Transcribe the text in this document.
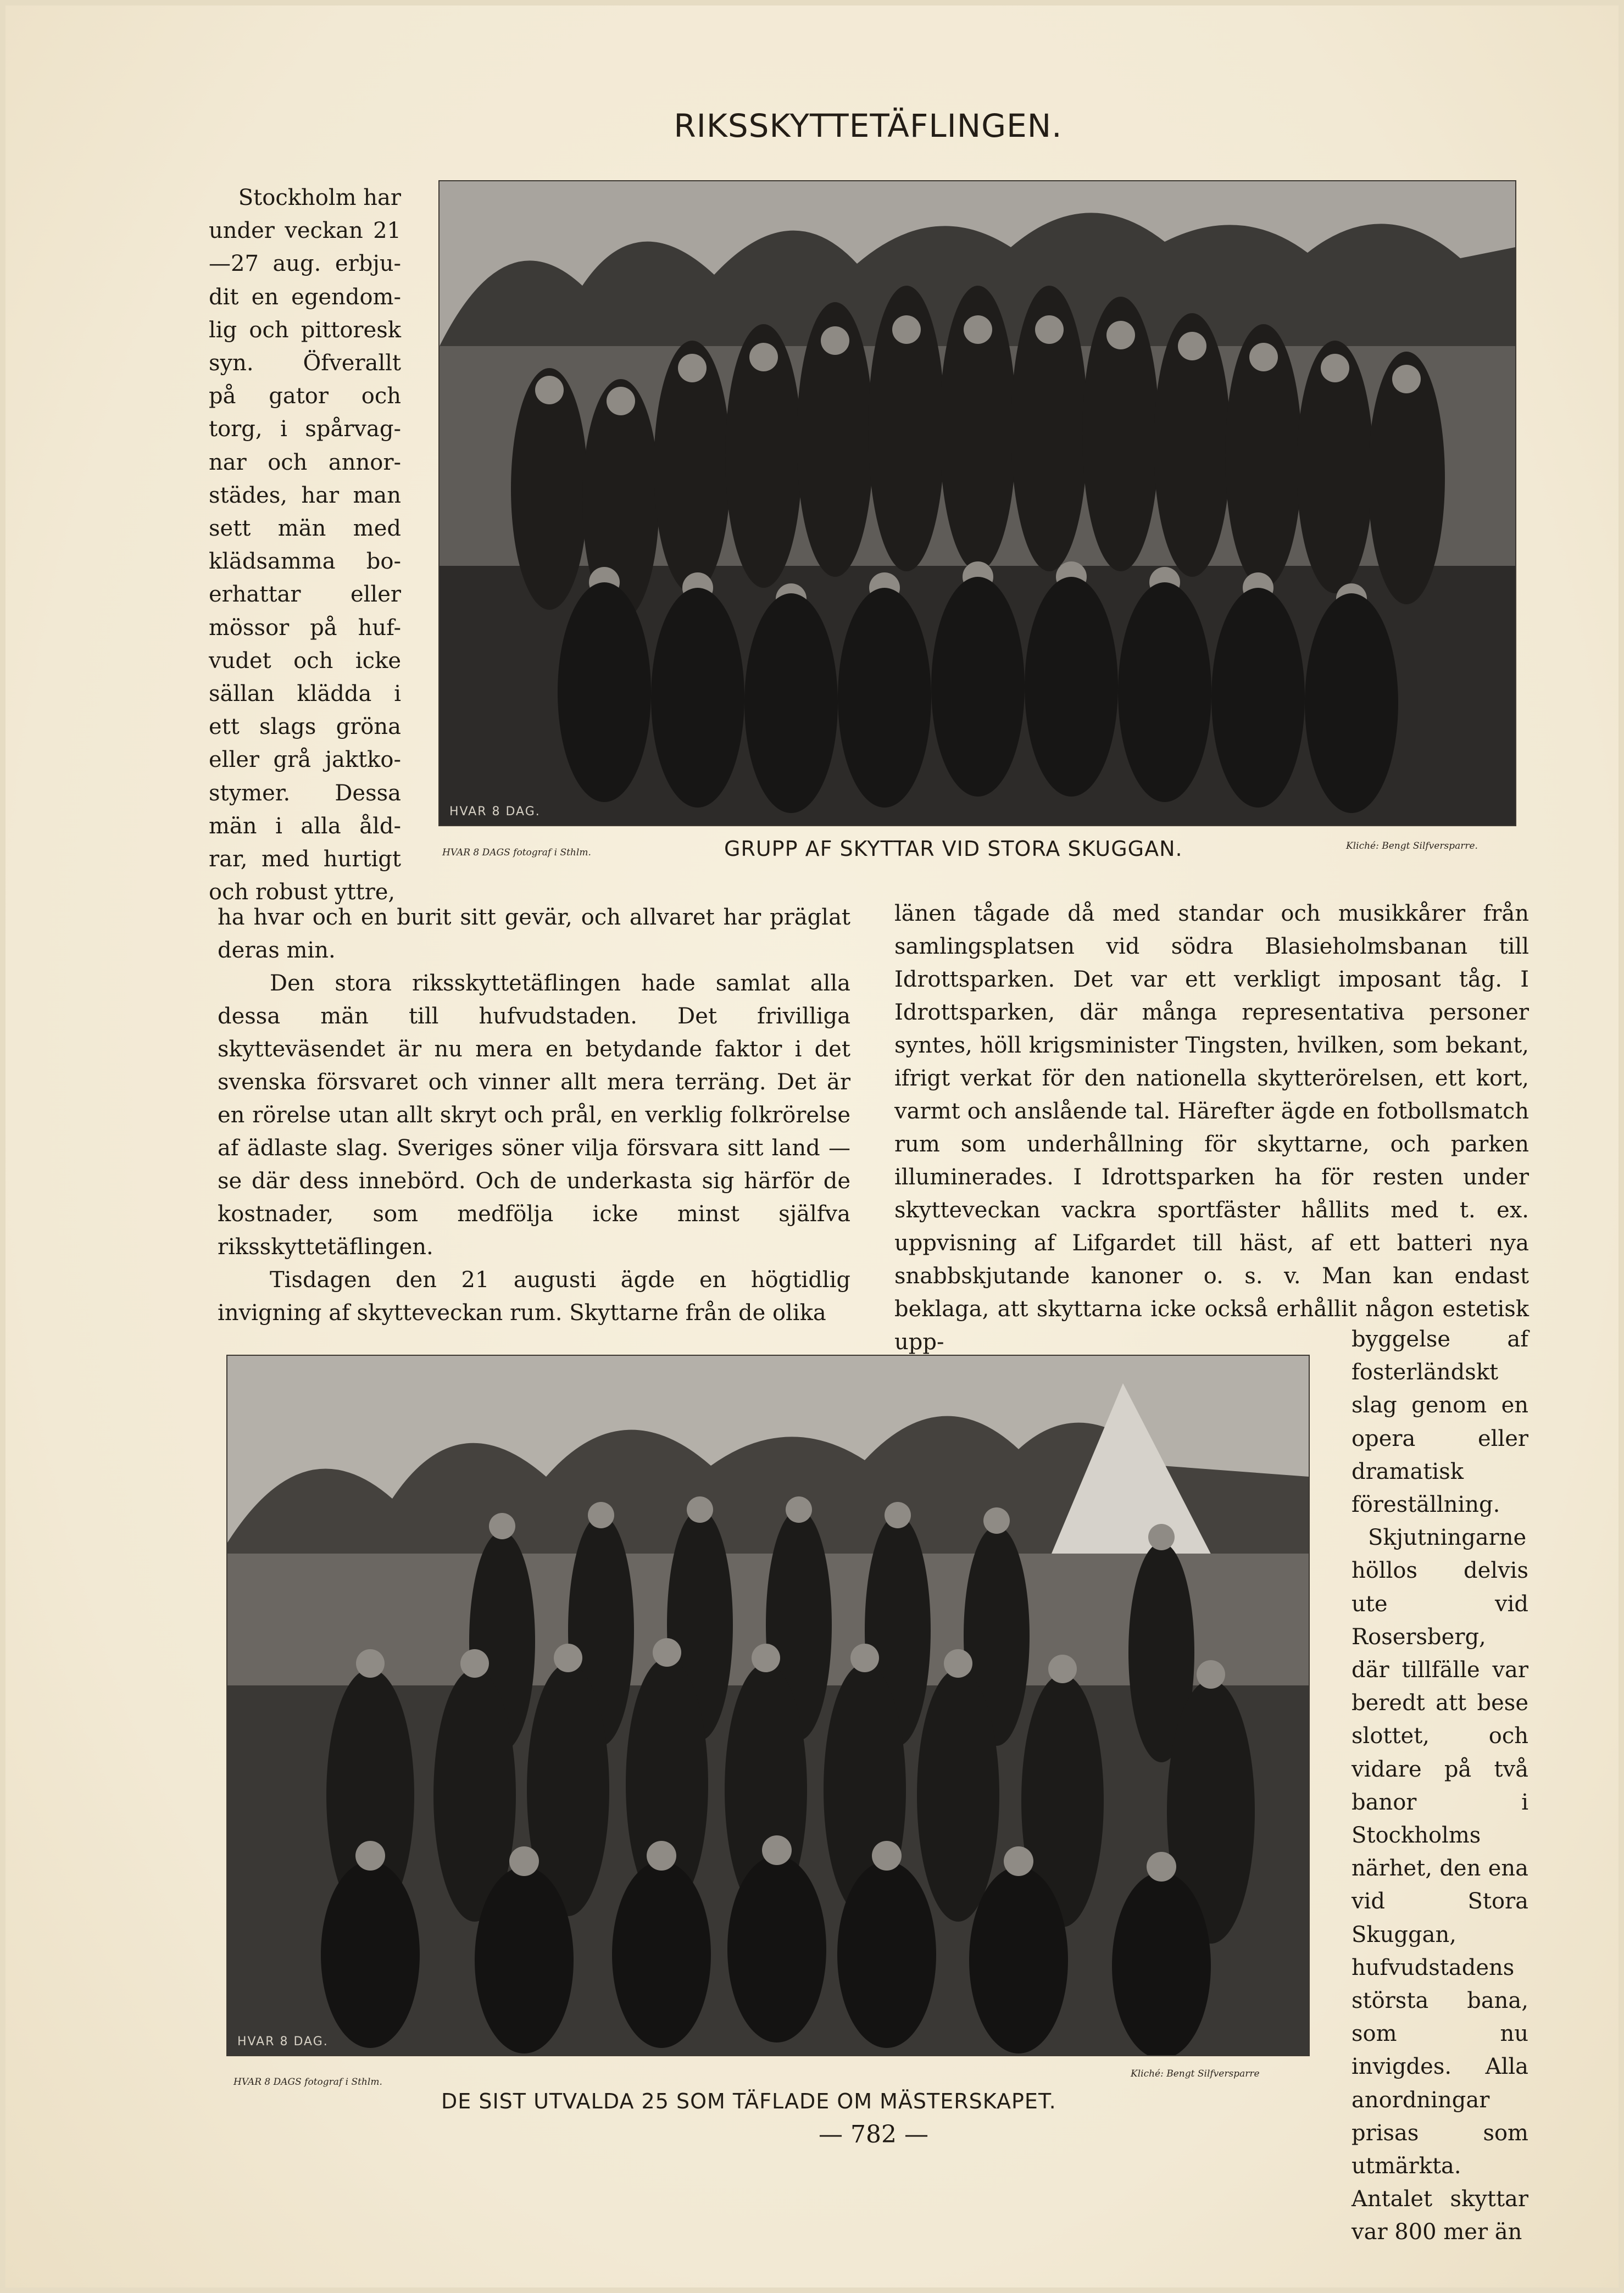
RIKSSKYTTETÄFLINGEN.
Stockholm har
under veckan 21
—27 aug. erbju-
dit en egendom-
lig och pittoresk
syn. Öfverallt
på gator och
torg, i spårvag-
nar och annor-
städes, har man
sett män med
klädsamma bo-
erhattar eller
mössor på huf-
vudet och icke
sällan klädda i
ett slags gröna
eller grå jaktko-
stymer. Dessa
män i alla åld-
rar, med hurtigt
och robust yttre,
HVAR 8 DAG.
HVAR 8 DAGS fotograf i Sthlm.	GRUPP AF SKYTTAR VID STORA SKUGGAN.	Kliché: Bengt Silfversparre.

ha hvar och en burit sitt gevär, och allvaret har präglat deras min.

Den stora riksskyttetäflingen hade samlat alla dessa män till hufvudstaden. Det frivilliga skytteväsendet är nu mera en betydande faktor i det svenska försvaret och vinner allt mera terräng. Det är en rörelse utan allt skryt och prål, en verklig folkrörelse af ädlaste slag. Sveriges söner vilja försvara sitt land — se där dess innebörd. Och de underkasta sig härför de kostnader, som medfölja icke minst själfva riksskyttetäflingen.

Tisdagen den 21 augusti ägde en högtidlig invigning af skytteveckan rum. Skyttarne från de olika

länen tågade då med standar och musikkårer från samlingsplatsen vid södra Blasieholmsbanan till Idrottsparken. Det var ett verkligt imposant tåg. I Idrottsparken, där många representativa personer syntes, höll krigsminister Tingsten, hvilken, som bekant, ifrigt verkat för den nationella skytterörelsen, ett kort, varmt och anslående tal. Härefter ägde en fotbollsmatch rum som underhållning för skyttarne, och parken illuminerades. I Idrottsparken ha för resten under skytteveckan vackra sportfäster hållits med t. ex. uppvisning af Lifgardet till häst, af ett batteri nya snabbskjutande kanoner o. s. v. Man kan endast beklaga, att skyttarna icke också erhållit någon estetisk upp-

HVAR 8 DAG.
HVAR 8 DAGS fotograf i Sthlm.
Kliché: Bengt Silfversparre
DE SIST UTVALDA 25 SOM TÄFLADE OM MÄSTERSKAPET.

byggelse af fosterländskt slag genom en opera eller dramatisk föreställning.

Skjutningarne höllos delvis ute vid Rosersberg, där tillfälle var beredt att bese slottet, och vidare på två banor i Stockholms närhet, den ena vid Stora Skuggan, hufvudstadens största bana, som nu invigdes. Alla anordningar prisas som utmärkta. Antalet skyttar var 800 mer än

— 782 —
